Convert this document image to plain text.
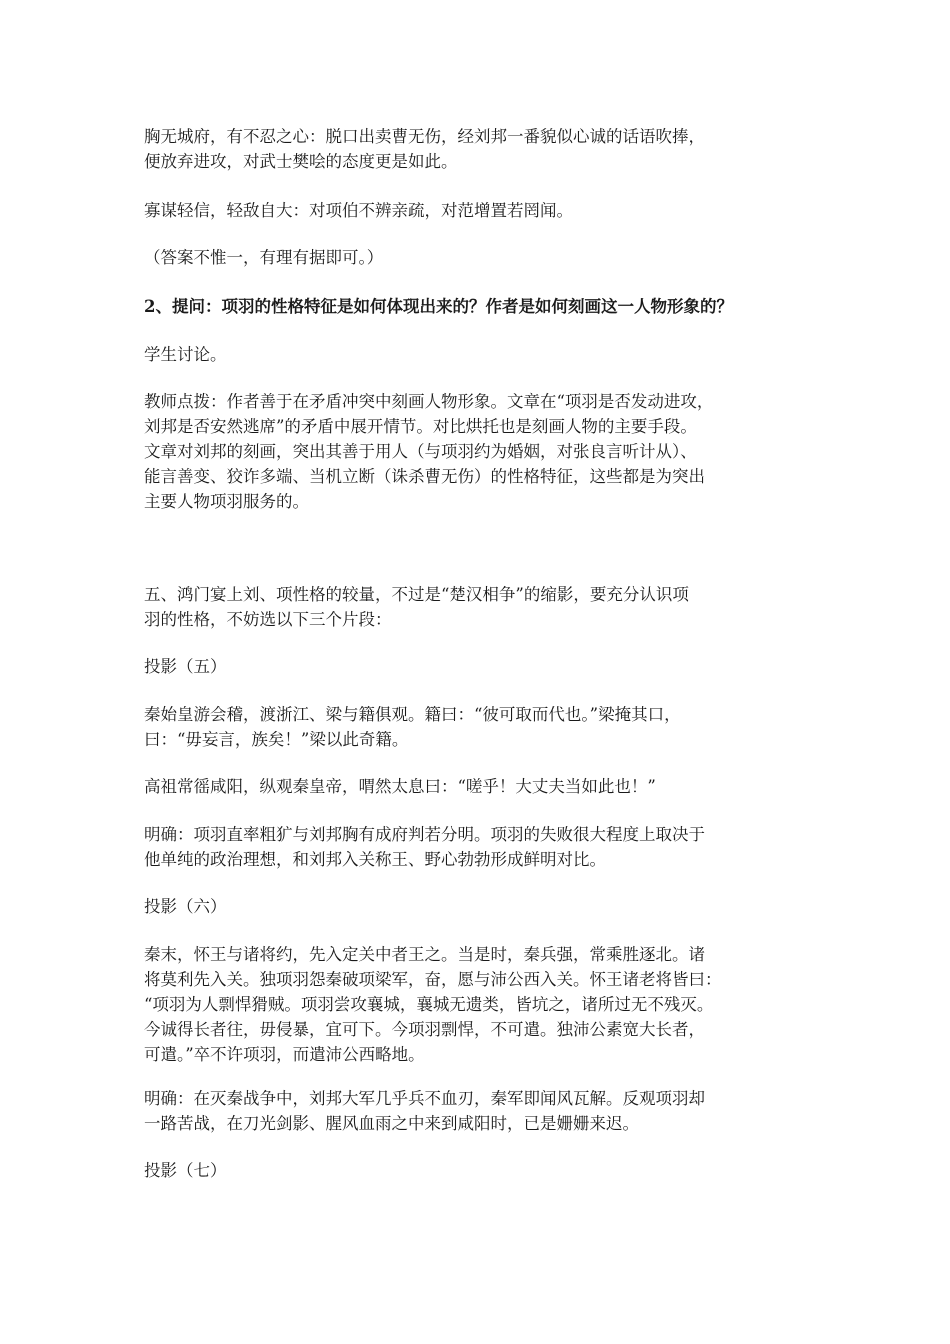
胸无城府，有不忍之心：脱口出卖曹无伤，经刘邦一番貌似心诚的话语吹捧，
便放弃进攻，对武士樊哙的态度更是如此。

寡谋轻信，轻敌自大：对项伯不辨亲疏，对范增置若罔闻。

（答案不惟一，有理有据即可。）

2、提问：项羽的性格特征是如何体现出来的？作者是如何刻画这一人物形象的？

学生讨论。

教师点拨：作者善于在矛盾冲突中刻画人物形象。文章在“项羽是否发动进攻，
刘邦是否安然逃席”的矛盾中展开情节。对比烘托也是刻画人物的主要手段。
文章对刘邦的刻画，突出其善于用人（与项羽约为婚姻，对张良言听计从）、
能言善变、狡诈多端、当机立断（诛杀曹无伤）的性格特征，这些都是为突出
主要人物项羽服务的。

五、鸿门宴上刘、项性格的较量，不过是“楚汉相争”的缩影，要充分认识项
羽的性格，不妨选以下三个片段：

投影（五）

秦始皇游会稽，渡浙江、梁与籍俱观。籍曰：“彼可取而代也。”梁掩其口，
曰：“毋妄言，族矣！”梁以此奇籍。

高祖常徭咸阳，纵观秦皇帝，喟然太息曰：“嗟乎！大丈夫当如此也！”

明确：项羽直率粗犷与刘邦胸有成府判若分明。项羽的失败很大程度上取决于
他单纯的政治理想，和刘邦入关称王、野心勃勃形成鲜明对比。

投影（六）

秦末，怀王与诸将约，先入定关中者王之。当是时，秦兵强，常乘胜逐北。诸
将莫利先入关。独项羽怨秦破项梁军，奋，愿与沛公西入关。怀王诸老将皆曰：
“项羽为人剽悍猾贼。项羽尝攻襄城，襄城无遗类，皆坑之，诸所过无不残灭。
今诚得长者往，毋侵暴，宜可下。今项羽剽悍，不可遣。独沛公素宽大长者，
可遣。”卒不许项羽，而遣沛公西略地。

明确：在灭秦战争中，刘邦大军几乎兵不血刃，秦军即闻风瓦解。反观项羽却
一路苦战，在刀光剑影、腥风血雨之中来到咸阳时，已是姗姗来迟。

投影（七）
